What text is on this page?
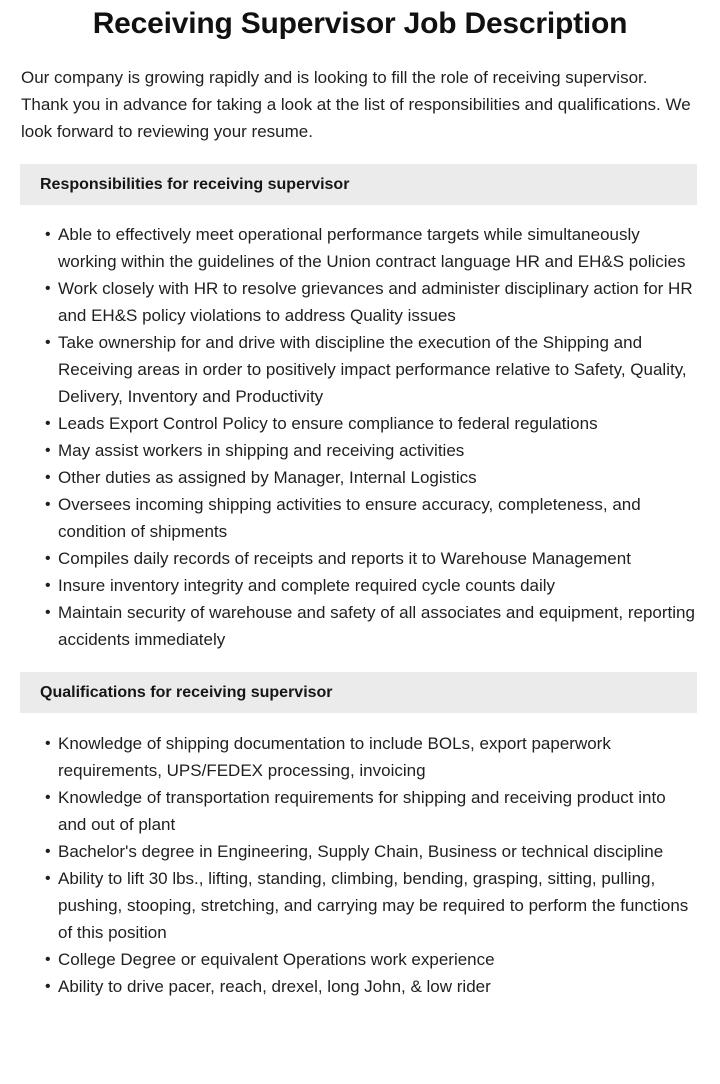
Receiving Supervisor Job Description

Our company is growing rapidly and is looking to fill the role of receiving supervisor. Thank you in advance for taking a look at the list of responsibilities and qualifications. We look forward to reviewing your resume.

Responsibilities for receiving supervisor
• Able to effectively meet operational performance targets while simultaneously working within the guidelines of the Union contract language HR and EH&S policies
• Work closely with HR to resolve grievances and administer disciplinary action for HR and EH&S policy violations to address Quality issues
• Take ownership for and drive with discipline the execution of the Shipping and Receiving areas in order to positively impact performance relative to Safety, Quality, Delivery, Inventory and Productivity
• Leads Export Control Policy to ensure compliance to federal regulations
• May assist workers in shipping and receiving activities
• Other duties as assigned by Manager, Internal Logistics
• Oversees incoming shipping activities to ensure accuracy, completeness, and condition of shipments
• Compiles daily records of receipts and reports it to Warehouse Management
• Insure inventory integrity and complete required cycle counts daily
• Maintain security of warehouse and safety of all associates and equipment, reporting accidents immediately
Qualifications for receiving supervisor
• Knowledge of shipping documentation to include BOLs, export paperwork requirements, UPS/FEDEX processing, invoicing
• Knowledge of transportation requirements for shipping and receiving product into and out of plant
• Bachelor's degree in Engineering, Supply Chain, Business or technical discipline
• Ability to lift 30 lbs., lifting, standing, climbing, bending, grasping, sitting, pulling, pushing, stooping, stretching, and carrying may be required to perform the functions of this position
• College Degree or equivalent Operations work experience
• Ability to drive pacer, reach, drexel, long John, & low rider
